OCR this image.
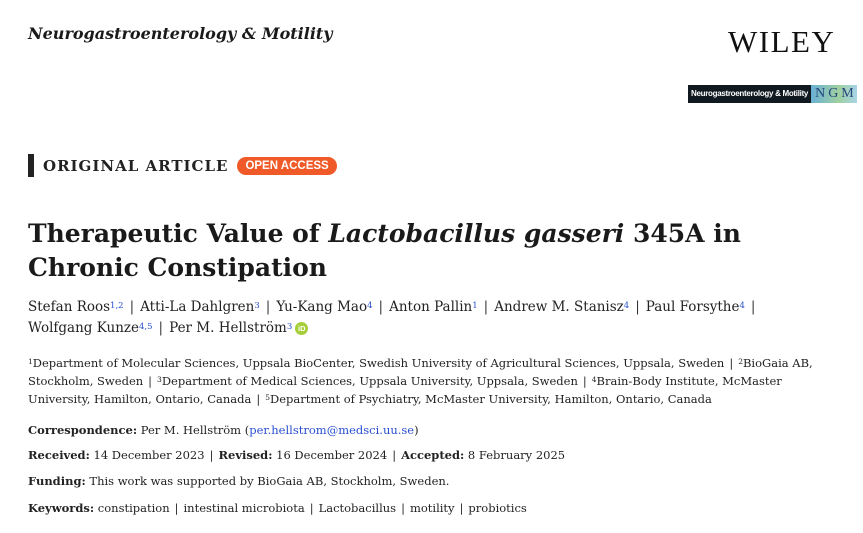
Neurogastroenterology & Motility	WILEY
Neurogastroenterology & Motility NGM
ORIGINAL ARTICLE	OPEN ACCESS
Therapeutic Value of Lactobacillus gasseri 345A in
Chronic Constipation
Stefan Roos$^{1,2}$ | Atti-La Dahlgren$^3$ | Yu-Kang Mao$^4$ | Anton Pallin$^1$ | Andrew M. Stanisz$^4$ | Paul Forsythe$^4$ |
Wolfgang Kunze$^{4,5}$ | Per M. Hellström$^3$ iD
$^1$Department of Molecular Sciences, Uppsala BioCenter, Swedish University of Agricultural Sciences, Uppsala, Sweden | $^2$BioGaia AB, Stockholm, Sweden | $^3$Department of Medical Sciences, Uppsala University, Uppsala, Sweden | $^4$Brain-Body Institute, McMaster University, Hamilton, Ontario, Canada | $^5$Department of Psychiatry, McMaster University, Hamilton, Ontario, Canada
Correspondence: Per M. Hellström (per.hellstrom@medsci.uu.se)
Received: 14 December 2023 | Revised: 16 December 2024 | Accepted: 8 February 2025
Funding: This work was supported by BioGaia AB, Stockholm, Sweden.
Keywords: constipation | intestinal microbiota | Lactobacillus | motility | probiotics
